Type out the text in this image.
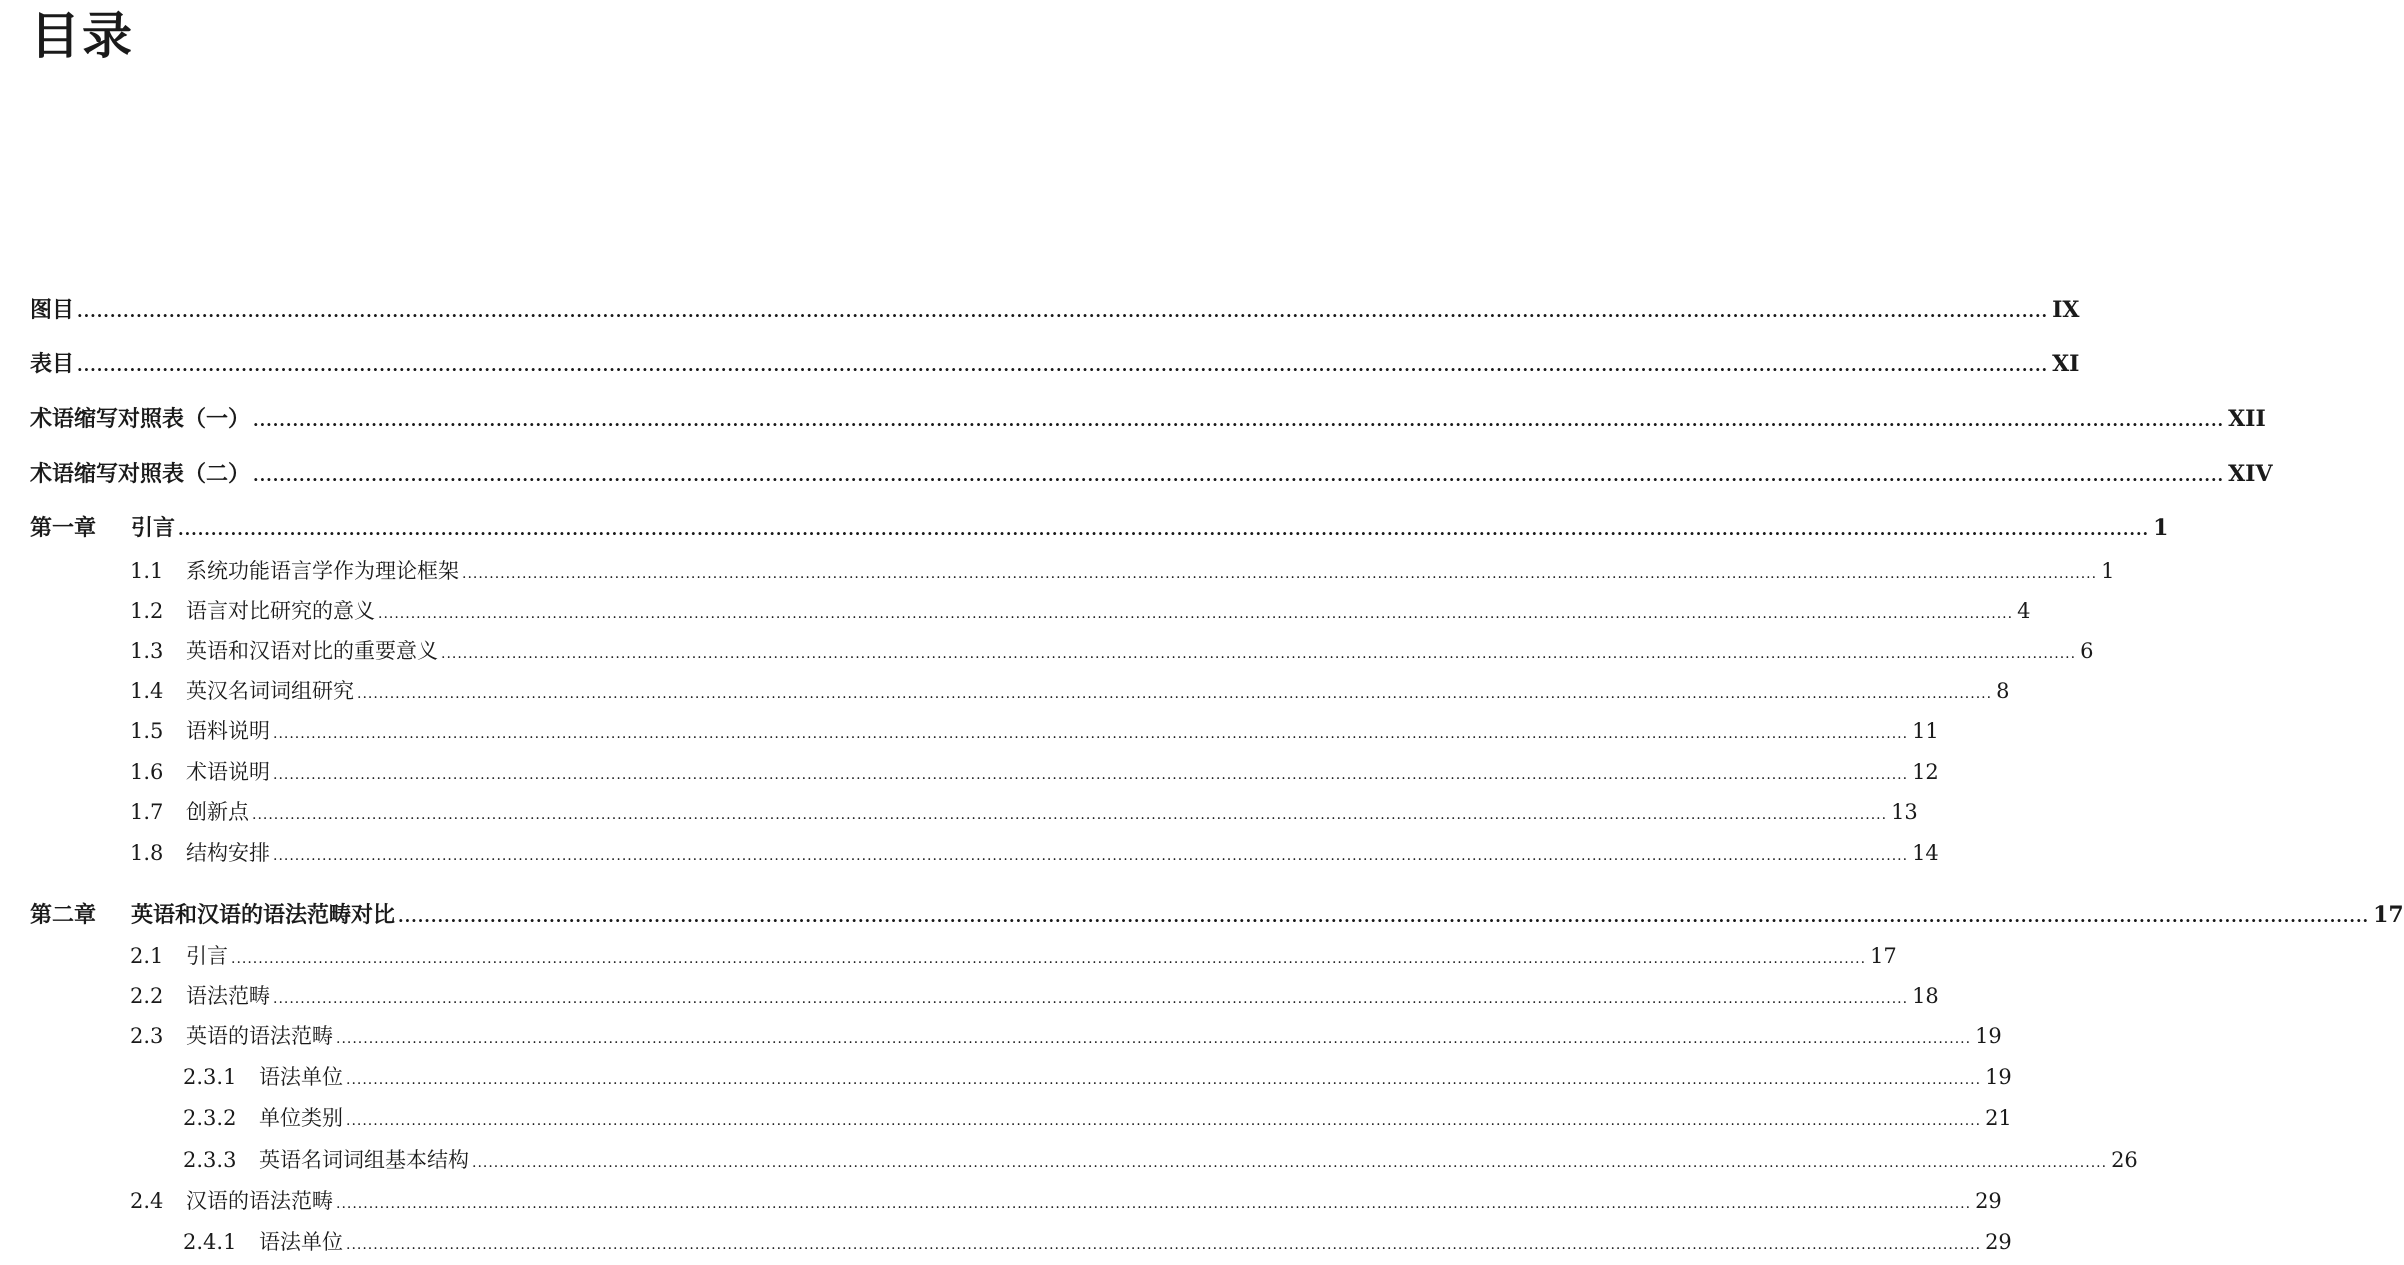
目录
图目 ............................................................................................................................................................................................................................................................................................................ IX
表目 ............................................................................................................................................................................................................................................................................................................ XI
术语缩写对照表（一） ............................................................................................................................................................................................................................................................................................................ XII
术语缩写对照表（二） ............................................................................................................................................................................................................................................................................................................ XIV
第一章	引言 ............................................................................................................................................................................................................................................................................................................ 1
1.1	系统功能语言学作为理论框架 ............................................................................................................................................................................................................................................................................................................ 1
1.2	语言对比研究的意义 ............................................................................................................................................................................................................................................................................................................ 4
1.3	英语和汉语对比的重要意义 ............................................................................................................................................................................................................................................................................................................ 6
1.4	英汉名词词组研究 ............................................................................................................................................................................................................................................................................................................ 8
1.5	语料说明 ............................................................................................................................................................................................................................................................................................................ 11
1.6	术语说明 ............................................................................................................................................................................................................................................................................................................ 12
1.7	创新点 ............................................................................................................................................................................................................................................................................................................ 13
1.8	结构安排 ............................................................................................................................................................................................................................................................................................................ 14
第二章	英语和汉语的语法范畴对比 ............................................................................................................................................................................................................................................................................................................ 17
2.1	引言 ............................................................................................................................................................................................................................................................................................................ 17
2.2	语法范畴 ............................................................................................................................................................................................................................................................................................................ 18
2.3	英语的语法范畴 ............................................................................................................................................................................................................................................................................................................ 19
2.3.1	语法单位 ............................................................................................................................................................................................................................................................................................................ 19
2.3.2	单位类别 ............................................................................................................................................................................................................................................................................................................ 21
2.3.3	英语名词词组基本结构 ............................................................................................................................................................................................................................................................................................................ 26
2.4	汉语的语法范畴 ............................................................................................................................................................................................................................................................................................................ 29
2.4.1	语法单位 ............................................................................................................................................................................................................................................................................................................ 29
